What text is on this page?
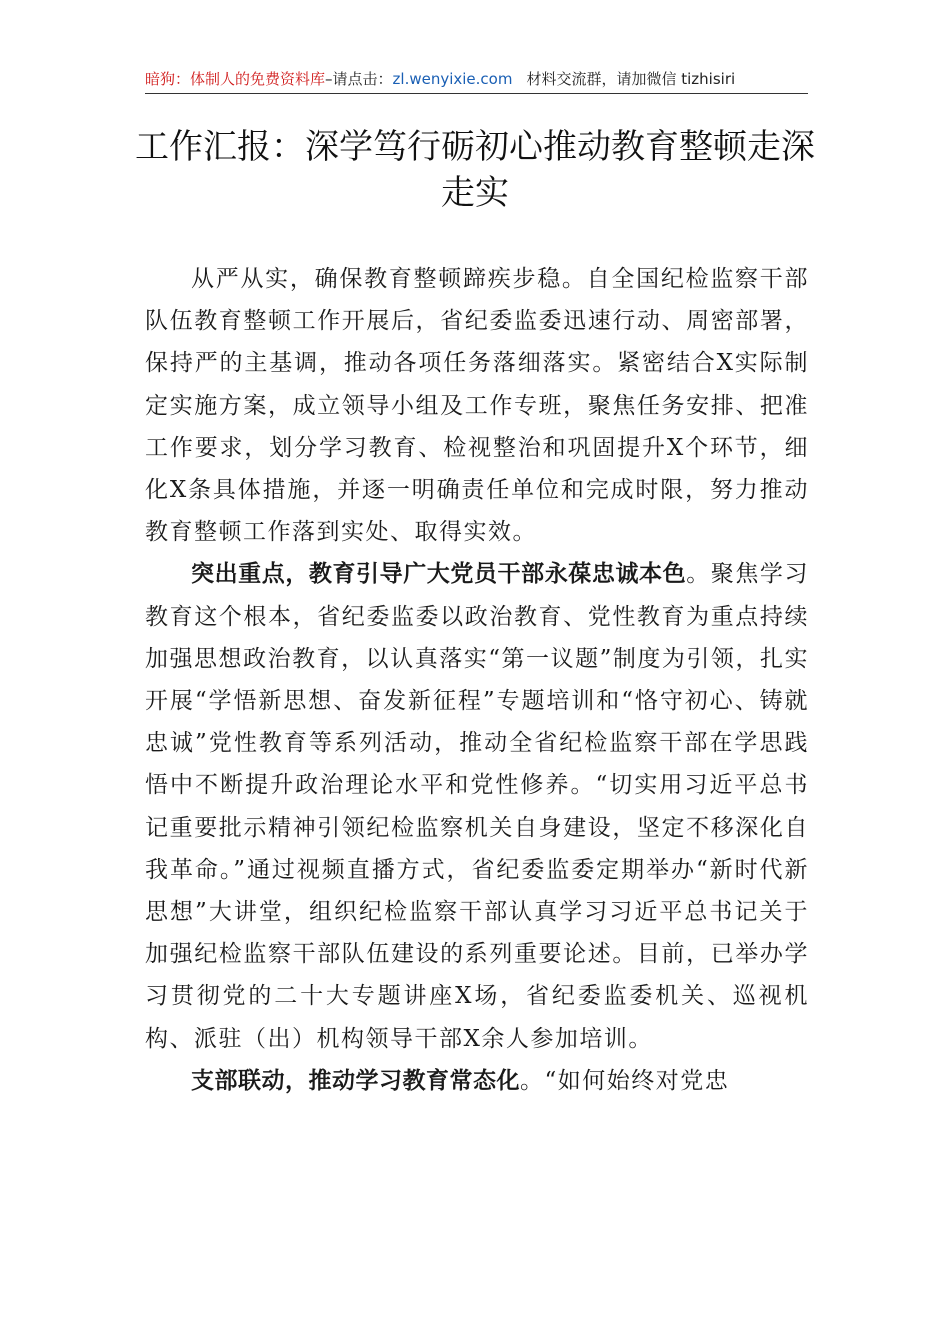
暗狗：体制人的免费资料库–请点击：zl.wenyixie.com 材料交流群，请加微信 tizhisiri
工作汇报：深学笃行砺初心推动教育整顿走深走实

从严从实，确保教育整顿蹄疾步稳。自全国纪检监察干部队伍教育整顿工作开展后，省纪委监委迅速行动、周密部署，保持严的主基调，推动各项任务落细落实。紧密结合X实际制定实施方案，成立领导小组及工作专班，聚焦任务安排、把准工作要求，划分学习教育、检视整治和巩固提升X个环节，细化X条具体措施，并逐一明确责任单位和完成时限，努力推动教育整顿工作落到实处、取得实效。

突出重点，教育引导广大党员干部永葆忠诚本色。聚焦学习教育这个根本，省纪委监委以政治教育、党性教育为重点持续加强思想政治教育，以认真落实“第一议题”制度为引领，扎实开展“学悟新思想、奋发新征程”专题培训和“恪守初心、铸就忠诚”党性教育等系列活动，推动全省纪检监察干部在学思践悟中不断提升政治理论水平和党性修养。“切实用习近平总书记重要批示精神引领纪检监察机关自身建设，坚定不移深化自我革命。”通过视频直播方式，省纪委监委定期举办“新时代新思想”大讲堂，组织纪检监察干部认真学习习近平总书记关于加强纪检监察干部队伍建设的系列重要论述。目前，已举办学习贯彻党的二十大专题讲座X场，省纪委监委机关、巡视机构、派驻（出）机构领导干部X余人参加培训。

支部联动，推动学习教育常态化。“如何始终对党忠
